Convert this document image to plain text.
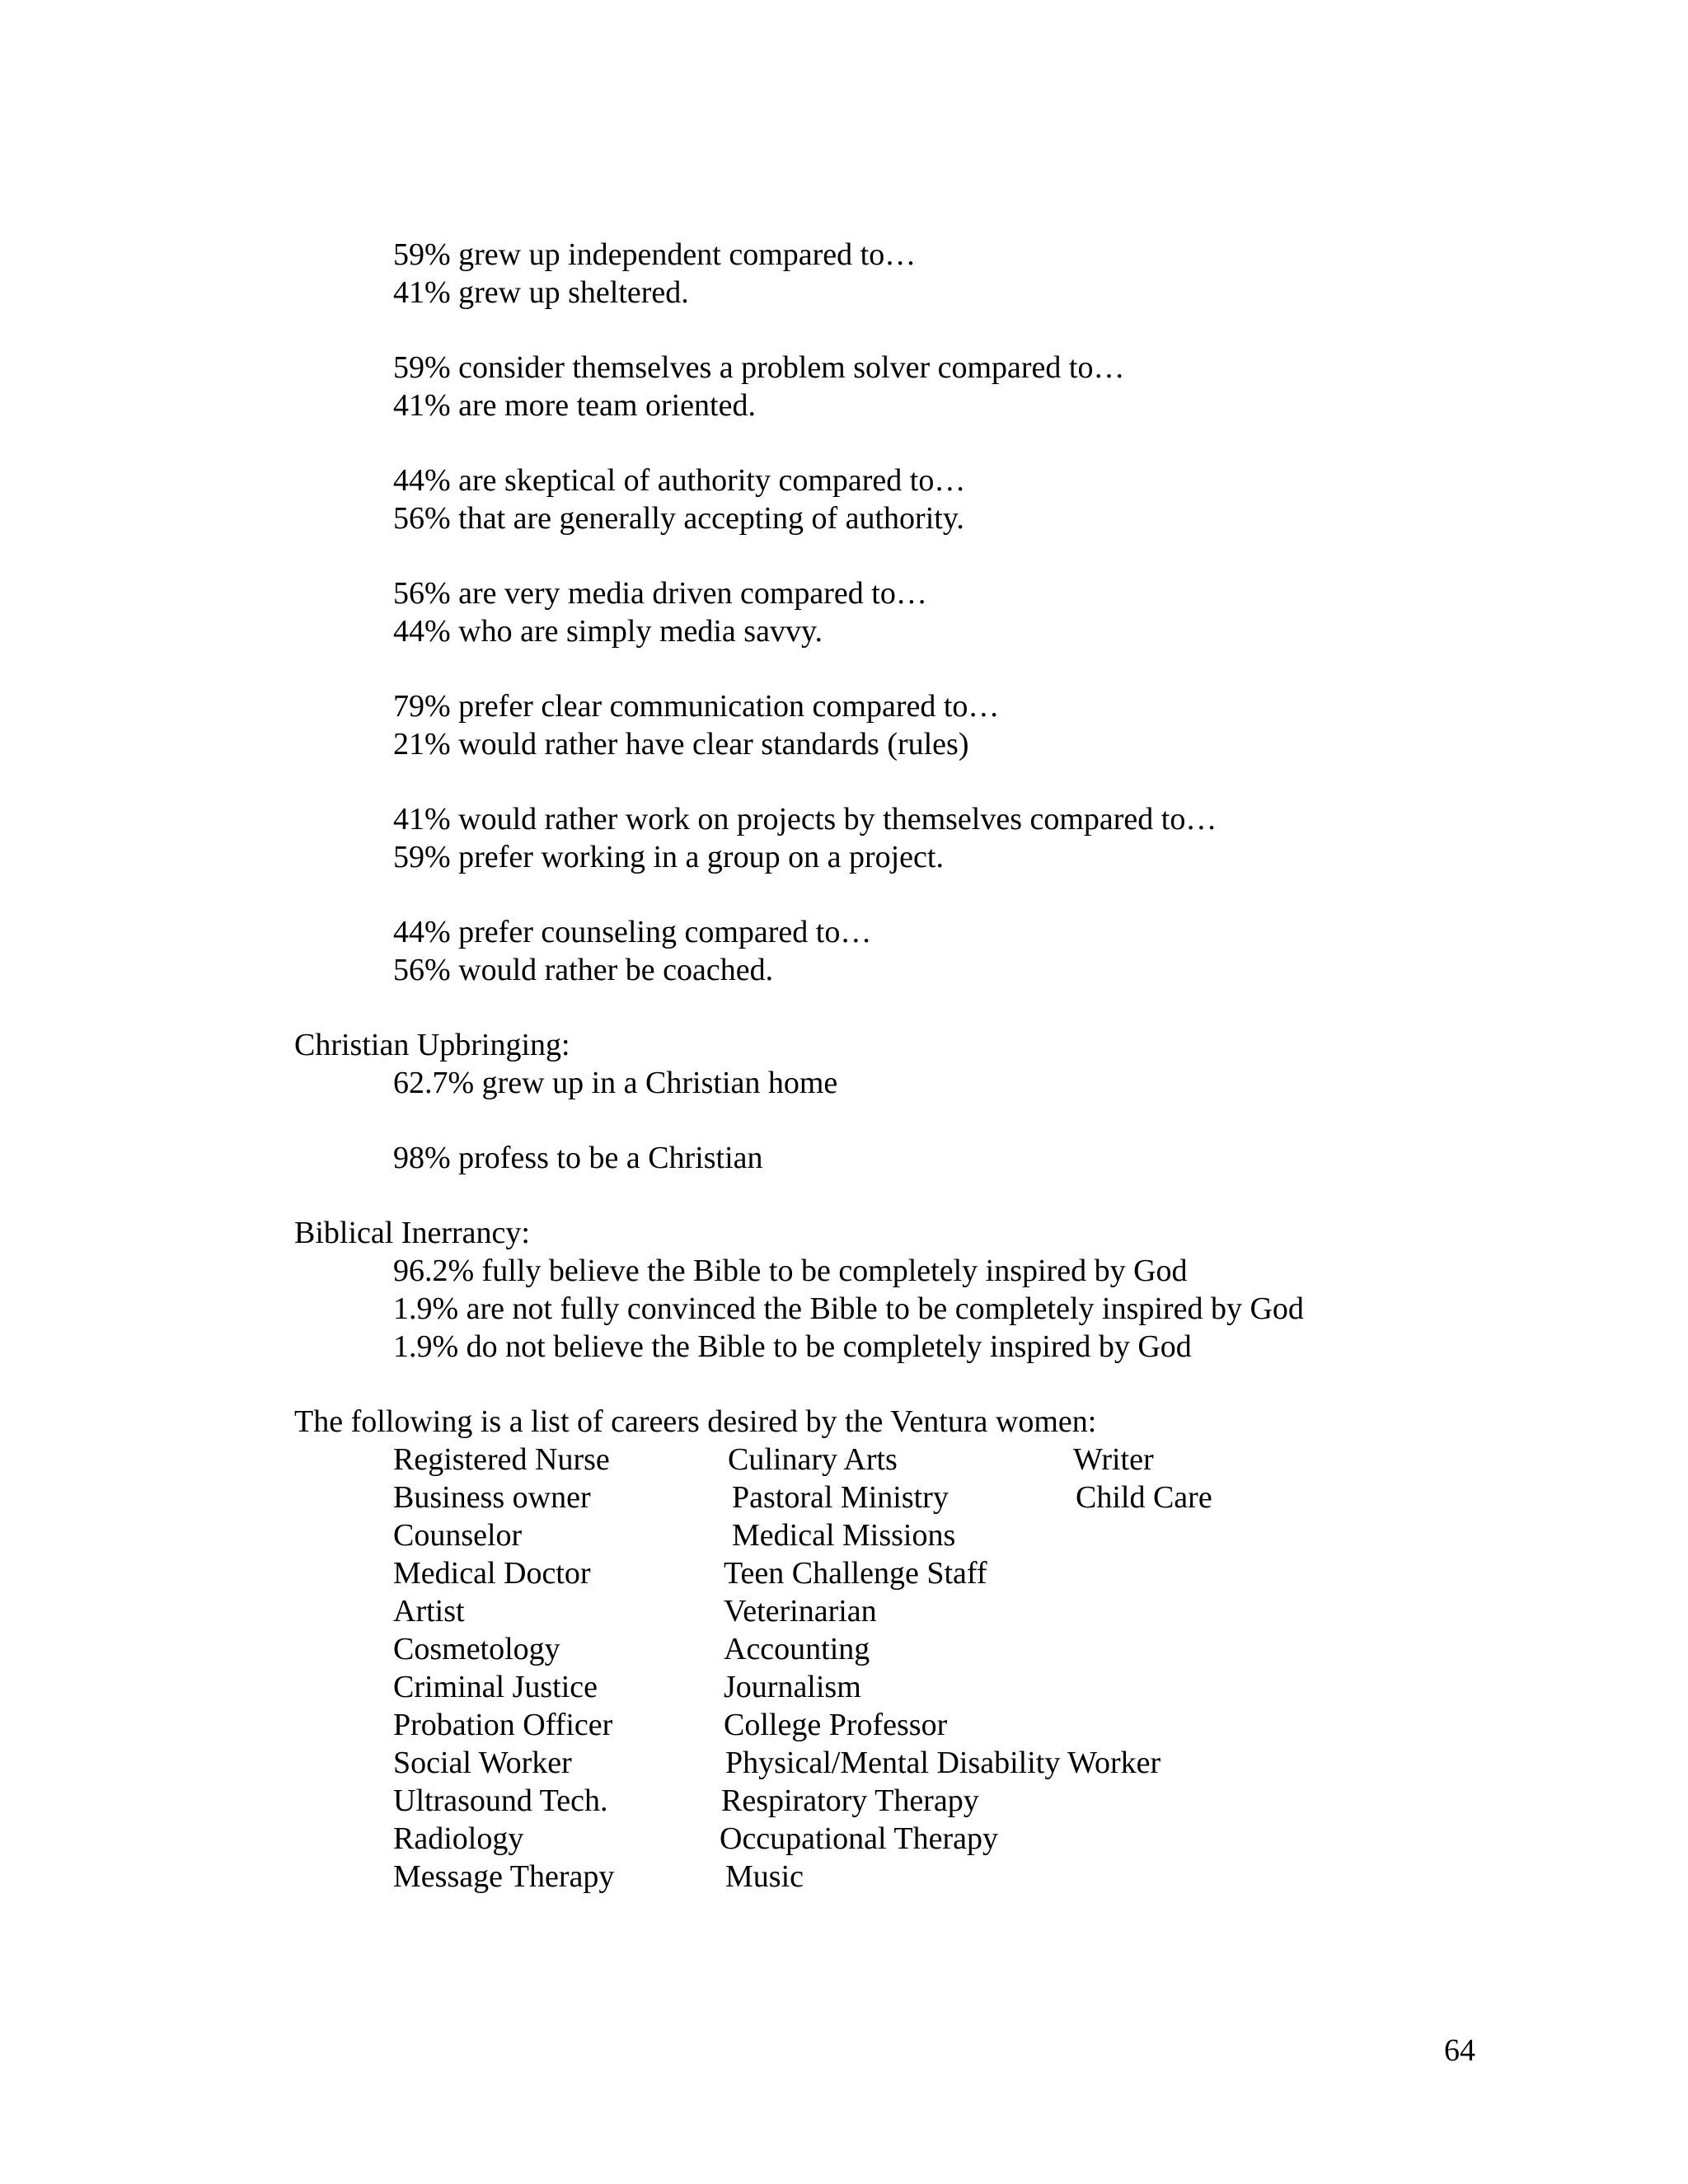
59% grew up independent compared to…
41% grew up sheltered.
59% consider themselves a problem solver compared to…
41% are more team oriented.
44% are skeptical of authority compared to…
56% that are generally accepting of authority.
56% are very media driven compared to…
44% who are simply media savvy.
79% prefer clear communication compared to…
21% would rather have clear standards (rules)
41% would rather work on projects by themselves compared to…
59% prefer working in a group on a project.
44% prefer counseling compared to…
56% would rather be coached.
Christian Upbringing:
62.7% grew up in a Christian home
98% profess to be a Christian
Biblical Inerrancy:
96.2% fully believe the Bible to be completely inspired by God
1.9% are not fully convinced the Bible to be completely inspired by God
1.9% do not believe the Bible to be completely inspired by God
The following is a list of careers desired by the Ventura women:
Registered Nurse
Business owner
Counselor
Medical Doctor
Artist
Cosmetology
Criminal Justice
Probation Officer
Social Worker
Ultrasound Tech.
Radiology
Message Therapy
Culinary Arts
Pastoral Ministry
Medical Missions
Teen Challenge Staff
Veterinarian
Accounting
Journalism
College Professor
Physical/Mental Disability Worker
Respiratory Therapy
Occupational Therapy
Music
Writer
Child Care
64
